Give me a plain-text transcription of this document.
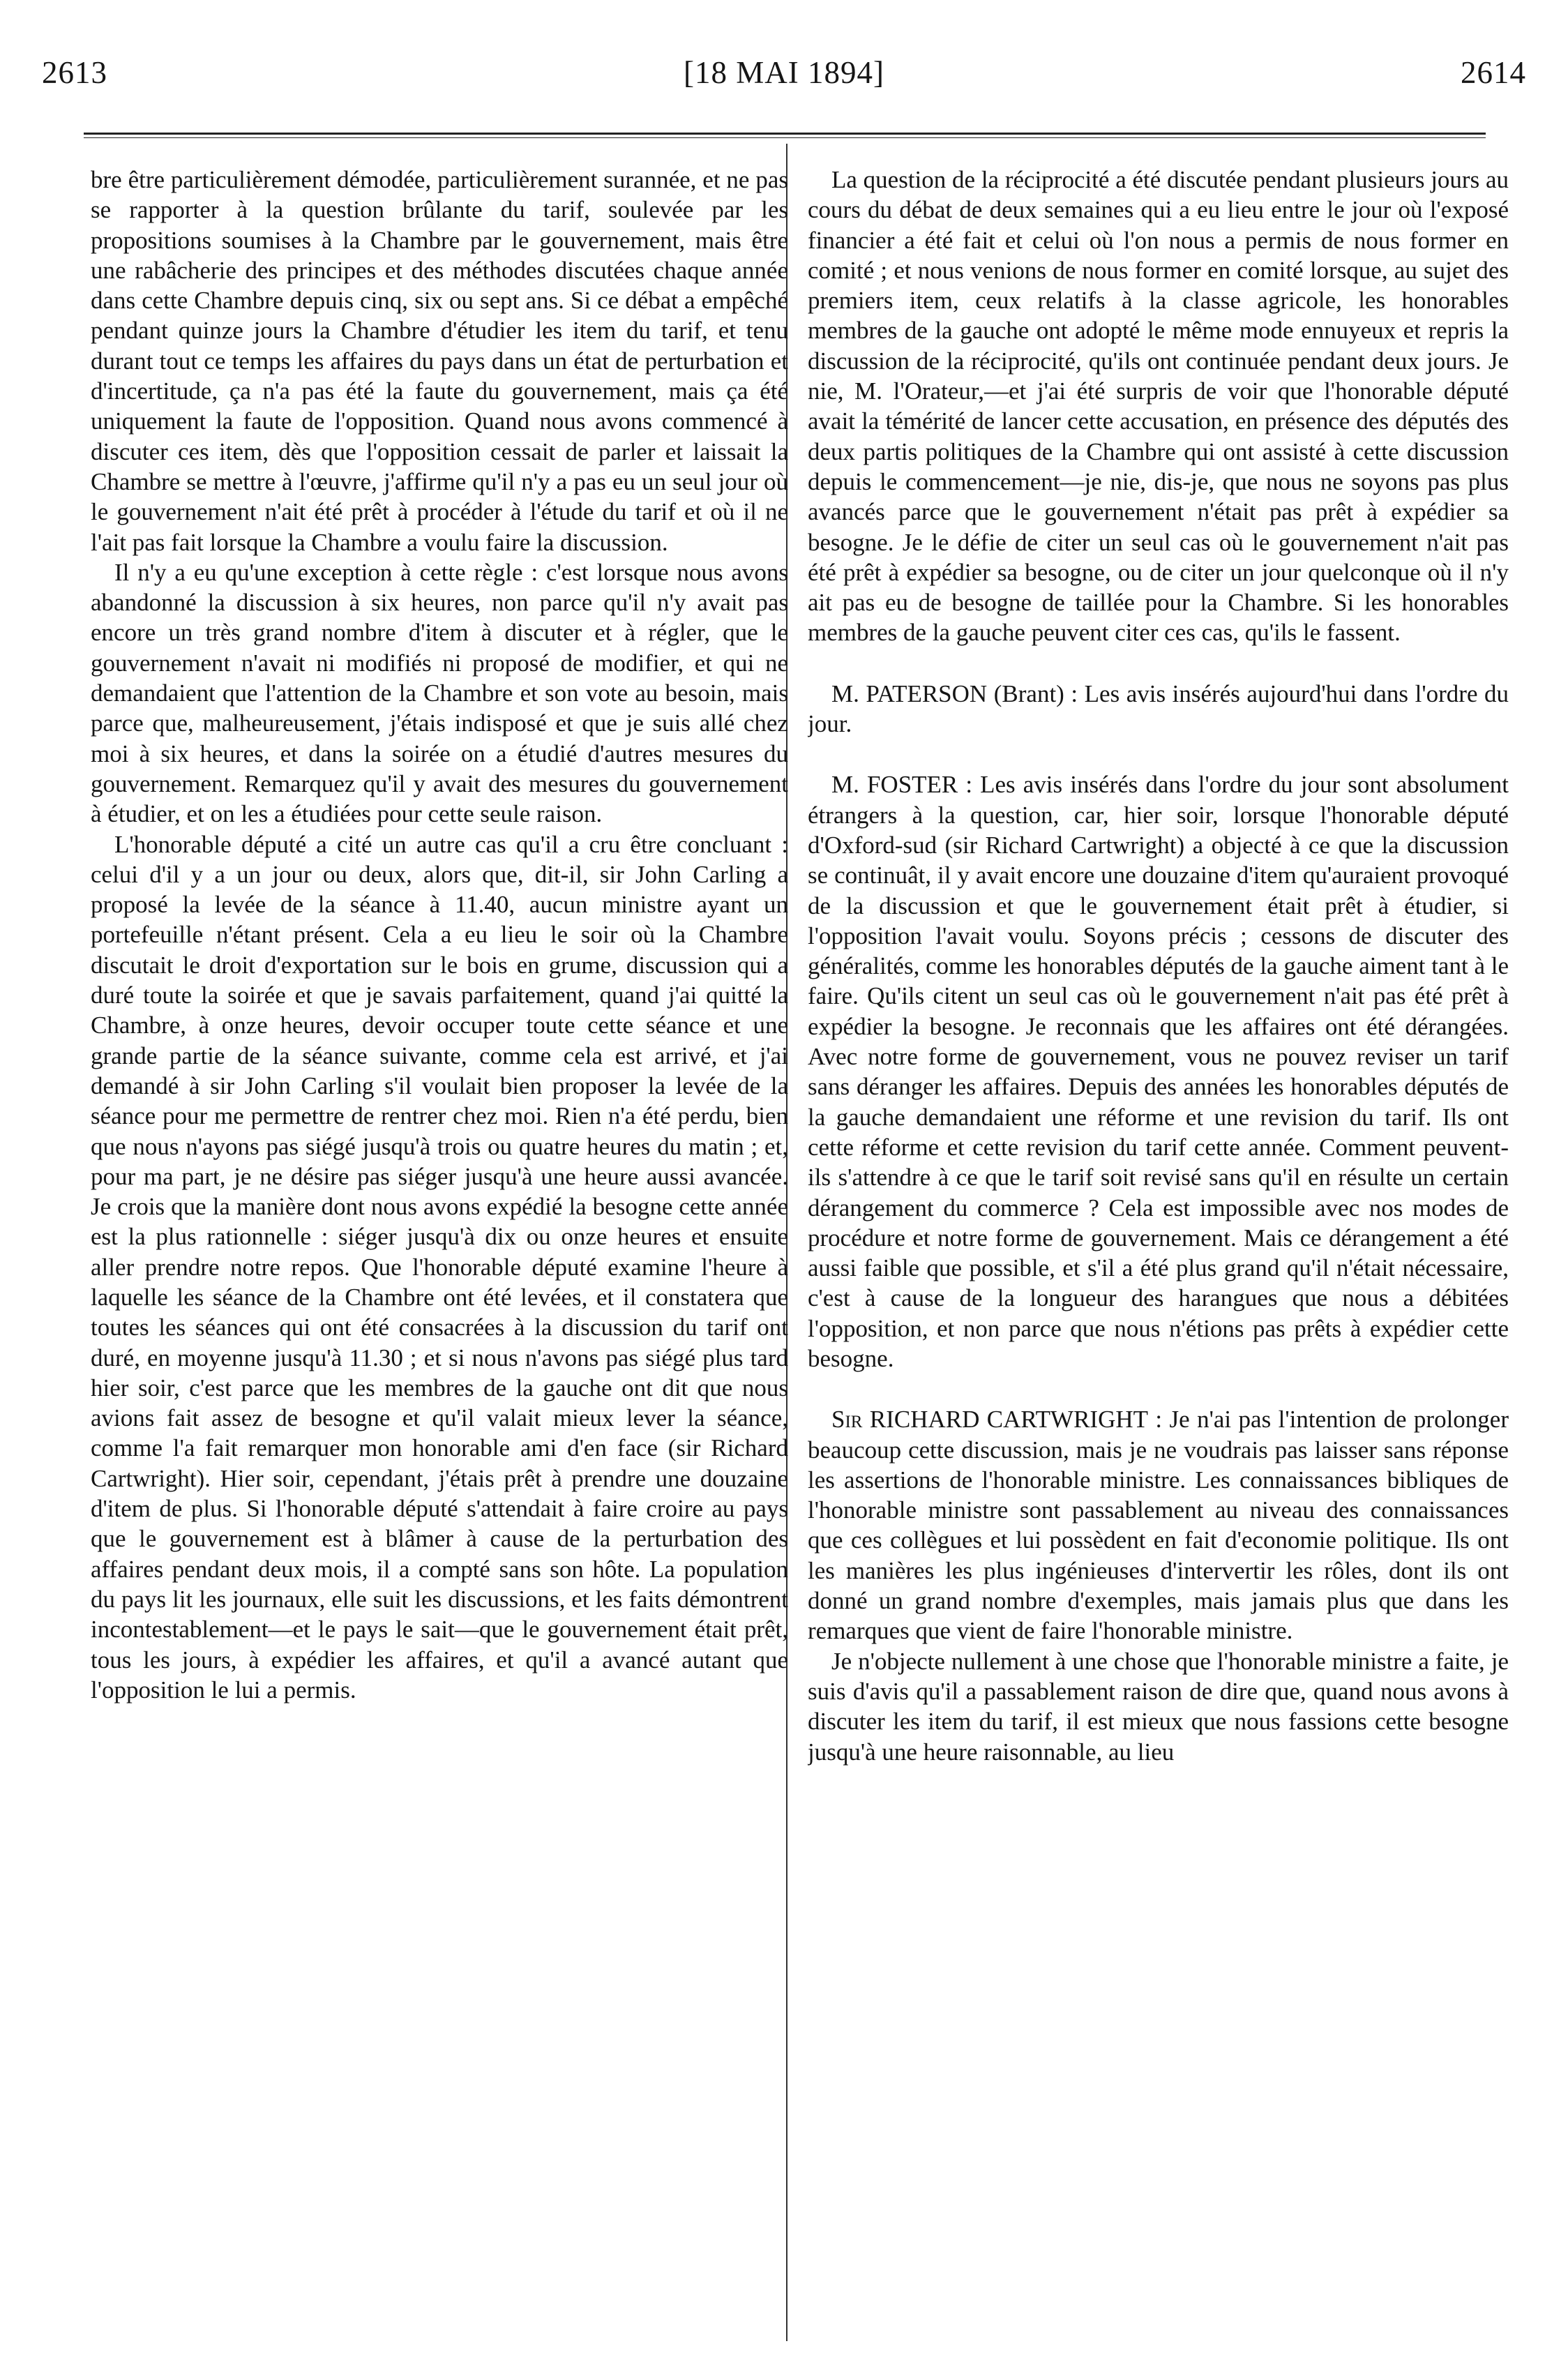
2613	[18 MAI 1894]	2614

bre être particulièrement démodée, particulièrement surannée, et ne pas se rapporter à la question brûlante du tarif, soulevée par les propositions soumises à la Chambre par le gouvernement, mais être une rabâcherie des principes et des méthodes discutées chaque année dans cette Chambre depuis cinq, six ou sept ans. Si ce débat a empêché pendant quinze jours la Chambre d'étudier les item du tarif, et tenu durant tout ce temps les affaires du pays dans un état de perturbation et d'incertitude, ça n'a pas été la faute du gouvernement, mais ça été uniquement la faute de l'opposition. Quand nous avons commencé à discuter ces item, dès que l'opposition cessait de parler et laissait la Chambre se mettre à l'œuvre, j'affirme qu'il n'y a pas eu un seul jour où le gouvernement n'ait été prêt à procéder à l'étude du tarif et où il ne l'ait pas fait lorsque la Chambre a voulu faire la discussion.

Il n'y a eu qu'une exception à cette règle : c'est lorsque nous avons abandonné la discussion à six heures, non parce qu'il n'y avait pas encore un très grand nombre d'item à discuter et à régler, que le gouvernement n'avait ni modifiés ni proposé de modifier, et qui ne demandaient que l'attention de la Chambre et son vote au besoin, mais parce que, malheureusement, j'étais indisposé et que je suis allé chez moi à six heures, et dans la soirée on a étudié d'autres mesures du gouvernement. Remarquez qu'il y avait des mesures du gouvernement à étudier, et on les a étudiées pour cette seule raison.

L'honorable député a cité un autre cas qu'il a cru être concluant : celui d'il y a un jour ou deux, alors que, dit-il, sir John Carling a proposé la levée de la séance à 11.40, aucun ministre ayant un portefeuille n'étant présent. Cela a eu lieu le soir où la Chambre discutait le droit d'exportation sur le bois en grume, discussion qui a duré toute la soirée et que je savais parfaitement, quand j'ai quitté la Chambre, à onze heures, devoir occuper toute cette séance et une grande partie de la séance suivante, comme cela est arrivé, et j'ai demandé à sir John Carling s'il voulait bien proposer la levée de la séance pour me permettre de rentrer chez moi. Rien n'a été perdu, bien que nous n'ayons pas siégé jusqu'à trois ou quatre heures du matin ; et, pour ma part, je ne désire pas siéger jusqu'à une heure aussi avancée. Je crois que la manière dont nous avons expédié la besogne cette année est la plus rationnelle : siéger jusqu'à dix ou onze heures et ensuite aller prendre notre repos. Que l'honorable député examine l'heure à laquelle les séance de la Chambre ont été levées, et il constatera que toutes les séances qui ont été consacrées à la discussion du tarif ont duré, en moyenne jusqu'à 11.30 ; et si nous n'avons pas siégé plus tard hier soir, c'est parce que les membres de la gauche ont dit que nous avions fait assez de besogne et qu'il valait mieux lever la séance, comme l'a fait remarquer mon honorable ami d'en face (sir Richard Cartwright). Hier soir, cependant, j'étais prêt à prendre une douzaine d'item de plus. Si l'honorable député s'attendait à faire croire au pays que le gouvernement est à blâmer à cause de la perturbation des affaires pendant deux mois, il a compté sans son hôte. La population du pays lit les journaux, elle suit les discussions, et les faits démontrent incontestablement—et le pays le sait—que le gouvernement était prêt, tous les jours, à expédier les affaires, et qu'il a avancé autant que l'opposition le lui a permis.

La question de la réciprocité a été discutée pendant plusieurs jours au cours du débat de deux semaines qui a eu lieu entre le jour où l'exposé financier a été fait et celui où l'on nous a permis de nous former en comité ; et nous venions de nous former en comité lorsque, au sujet des premiers item, ceux relatifs à la classe agricole, les honorables membres de la gauche ont adopté le même mode ennuyeux et repris la discussion de la réciprocité, qu'ils ont continuée pendant deux jours. Je nie, M. l'Orateur,—et j'ai été surpris de voir que l'honorable député avait la témérité de lancer cette accusation, en présence des députés des deux partis politiques de la Chambre qui ont assisté à cette discussion depuis le commencement—je nie, dis-je, que nous ne soyons pas plus avancés parce que le gouvernement n'était pas prêt à expédier sa besogne. Je le défie de citer un seul cas où le gouvernement n'ait pas été prêt à expédier sa besogne, ou de citer un jour quelconque où il n'y ait pas eu de besogne de taillée pour la Chambre. Si les honorables membres de la gauche peuvent citer ces cas, qu'ils le fassent.

M. PATERSON (Brant) : Les avis insérés aujourd'hui dans l'ordre du jour.

M. FOSTER : Les avis insérés dans l'ordre du jour sont absolument étrangers à la question, car, hier soir, lorsque l'honorable député d'Oxford-sud (sir Richard Cartwright) a objecté à ce que la discussion se continuât, il y avait encore une douzaine d'item qu'auraient provoqué de la discussion et que le gouvernement était prêt à étudier, si l'opposition l'avait voulu. Soyons précis ; cessons de discuter des généralités, comme les honorables députés de la gauche aiment tant à le faire. Qu'ils citent un seul cas où le gouvernement n'ait pas été prêt à expédier la besogne. Je reconnais que les affaires ont été dérangées. Avec notre forme de gouvernement, vous ne pouvez reviser un tarif sans déranger les affaires. Depuis des années les honorables députés de la gauche demandaient une réforme et une revision du tarif. Ils ont cette réforme et cette revision du tarif cette année. Comment peuvent-ils s'attendre à ce que le tarif soit revisé sans qu'il en résulte un certain dérangement du commerce ? Cela est impossible avec nos modes de procédure et notre forme de gouvernement. Mais ce dérangement a été aussi faible que possible, et s'il a été plus grand qu'il n'était nécessaire, c'est à cause de la longueur des harangues que nous a débitées l'opposition, et non parce que nous n'étions pas prêts à expédier cette besogne.

Sir RICHARD CARTWRIGHT : Je n'ai pas l'intention de prolonger beaucoup cette discussion, mais je ne voudrais pas laisser sans réponse les assertions de l'honorable ministre. Les connaissances bibliques de l'honorable ministre sont passablement au niveau des connaissances que ces collègues et lui possèdent en fait d'economie politique. Ils ont les manières les plus ingénieuses d'intervertir les rôles, dont ils ont donné un grand nombre d'exemples, mais jamais plus que dans les remarques que vient de faire l'honorable ministre.

Je n'objecte nullement à une chose que l'honorable ministre a faite, je suis d'avis qu'il a passablement raison de dire que, quand nous avons à discuter les item du tarif, il est mieux que nous fassions cette besogne jusqu'à une heure raisonnable, au lieu
